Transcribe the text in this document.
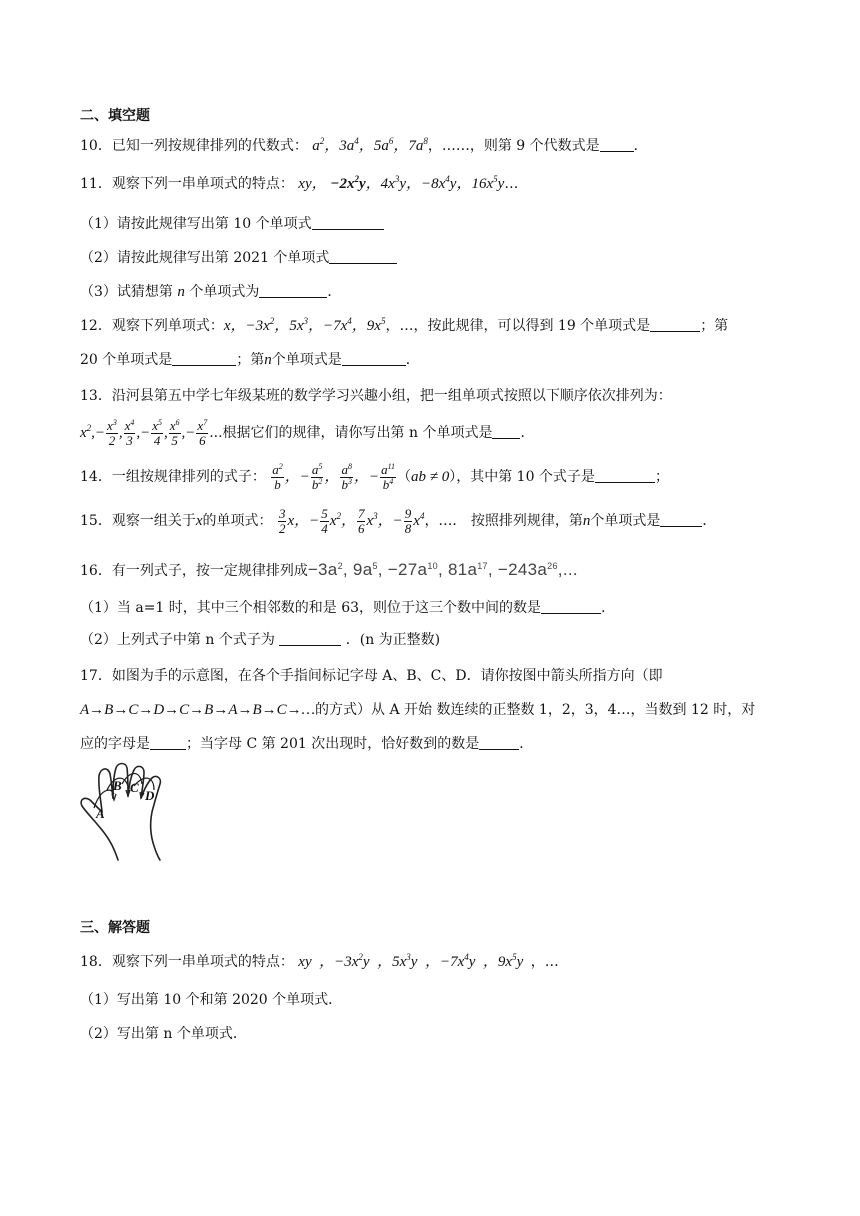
二、填空题
10．已知一列按规律排列的代数式： $a^2$，$3a^4$，$5a^6$，$7a^8$，……，则第 9 个代数式是 ．
11．观察下列一串单项式的特点： xy， $-2x^2y$，$4x^3y$，$-8x^4y$，$16x^5y\dots$
（1）请按此规律写出第 10 个单项式
（2）请按此规律写出第 2021 个单项式
（3）试猜想第 n 个单项式为	．
12．观察下列单项式：x，$-3x^2$，$5x^3$，$-7x^4$，$9x^5$，…，按此规律，可以得到 19 个单项式是	；第
20 个单项式是	；第n个单项式是	．
13．沿河县第五中学七年级某班的数学学习兴趣小组，把一组单项式按照以下顺序依次排列为：
$x^2,- \frac{x^3}{2}$ , $\frac{x^4}{3}$ ,− $\frac{x^5}{4}$ , $\frac{x^6}{5}$ ,− $\frac{x^7}{6}$ ...根据它们的规律，请你写出第 n 个单项式是 ．
14．一组按规律排列的式子： $\frac{a^2}{b}$ ，− $\frac{a^5}{b^2}$ ， $\frac{a^8}{b^3}$ ，− $\frac{a^{11}}{b^4} (ab \ne 0)$，其中第 10 个式子是	；
15．观察一组关于x的单项式： $\frac{3}{2}$ x，− $\frac{5}{4} x^2$， $\frac{7}{6} x^3$，− $\frac{9}{8} x^4$，…． 按照排列规律，第n个单项式是	．
16．有一列式子，按一定规律排列成$-3a^2$, $9a^5$, $-27a^{10}$, $81a^{17}$, $-243a^{26}$,...
（1）当 a=1 时，其中三个相邻数的和是 63，则位于这三个数中间的数是	．
（2）上列式子中第 n 个式子为	．(n 为正整数)
17．如图为手的示意图，在各个手指间标记字母 A、B、C、D．请你按图中箭头所指方向（即
A→B→C→D→C→B→A→B→C→…的方式）从 A 开始 数连续的正整数 1，2，3，4…，当数到 12 时，对
应的字母是	；当字母 C 第 201 次出现时，恰好数到的数是	．
A
B C
D
三、解答题
18．观察下列一串单项式的特点： xy  ，$-3x^2y$  ，$5x^3y$  ，$-7x^4y$  ，$9x^5y$  ，…
（1）写出第 10 个和第 2020 个单项式．
（2）写出第 n 个单项式．
